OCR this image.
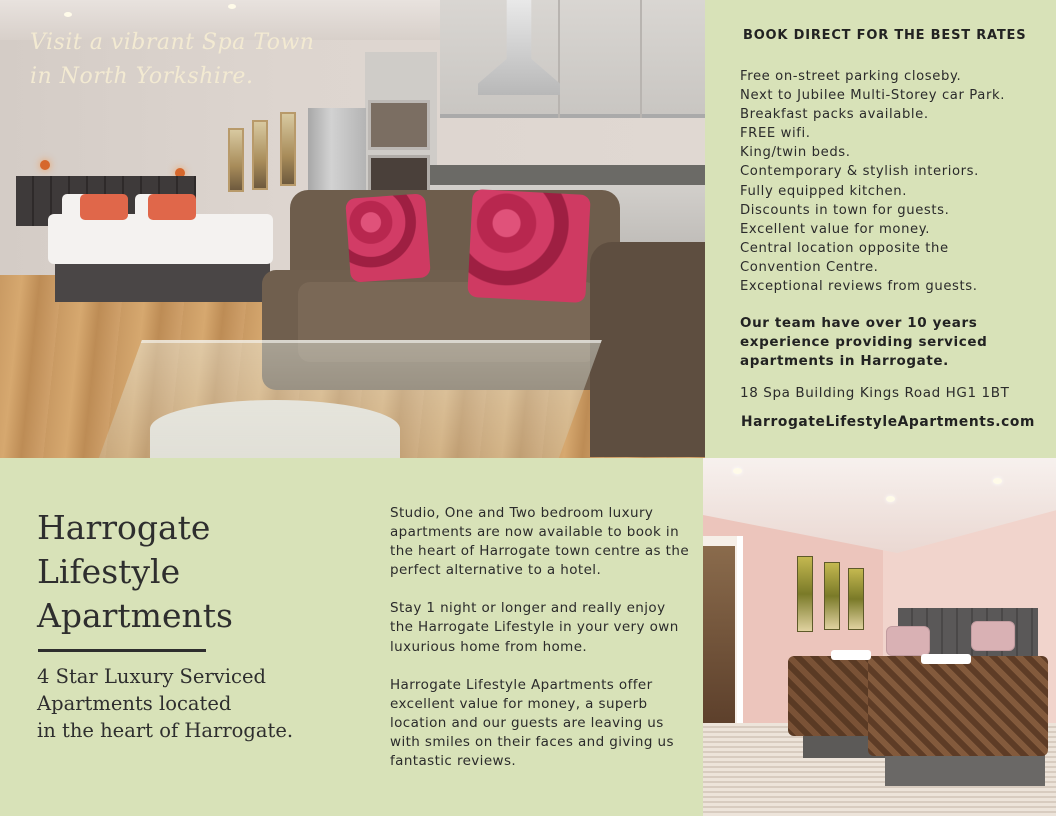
Visit a vibrant Spa Town
in North Yorkshire.
BOOK DIRECT FOR THE BEST RATES
Free on-street parking closeby.
Next to Jubilee Multi-Storey car Park.
Breakfast packs available.
FREE wifi.
King/twin beds.
Contemporary & stylish interiors.
Fully equipped kitchen.
Discounts in town for guests.
Excellent value for money.
Central location opposite the
Convention Centre.
Exceptional reviews from guests.
Our team have over 10 years
experience providing serviced
apartments in Harrogate.
18 Spa Building Kings Road HG1 1BT
HarrogateLifestyleApartments.com
Harrogate
Lifestyle
Apartments
4 Star Luxury Serviced
Apartments located
in the heart of Harrogate.

Studio, One and Two bedroom luxury apartments are now available to book in the heart of Harrogate town centre as the perfect alternative to a hotel.

Stay 1 night or longer and really enjoy the Harrogate Lifestyle in your very own luxurious home from home.

Harrogate Lifestyle Apartments offer excellent value for money, a superb location and our guests are leaving us with smiles on their faces and giving us fantastic reviews.
